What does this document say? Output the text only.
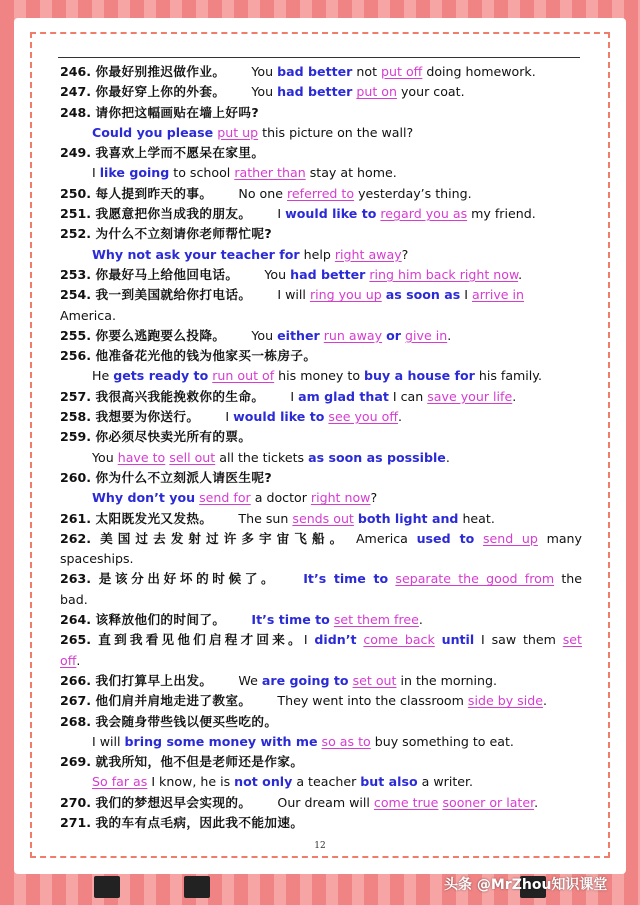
246. 你最好别推迟做作业。 You bad better not put off doing homework.
247. 你最好穿上你的外套。 You had better put on your coat.
248. 请你把这幅画贴在墙上好吗?
Could you please put up this picture on the wall?
249. 我喜欢上学而不愿呆在家里。
I like going to school rather than stay at home.
250. 每人提到昨天的事。 No one referred to yesterday’s thing.
251. 我愿意把你当成我的朋友。 I would like to regard you as my friend.
252. 为什么不立刻请你老师帮忙呢?
Why not ask your teacher for help right away?
253. 你最好马上给他回电话。 You had better ring him back right now.
254. 我一到美国就给你打电话。 I will ring you up as soon as I arrive in
America.
255. 你要么逃跑要么投降。 You either run away or give in.
256. 他准备花光他的钱为他家买一栋房子。
He gets ready to run out of his money to buy a house for his family.
257. 我很高兴我能挽救你的生命。 I am glad that I can save your life.
258. 我想要为你送行。 I would like to see you off.
259. 你必须尽快卖光所有的票。
You have to sell out all the tickets as soon as possible.
260. 你为什么不立刻派人请医生呢?
Why don’t you send for a doctor right now?
261. 太阳既发光又发热。 The sun sends out both light and heat.
262. 美国过去发射过许多宇宙飞船。 America used to send up many
spaceships.
263. 是该分出好坏的时候了。 It’s time to separate the good from the
bad.
264. 该释放他们的时间了。 It’s time to set them free.
265. 直到我看见他们启程才回来。I didn’t come back until I saw them set
off.
266. 我们打算早上出发。 We are going to set out in the morning.
267. 他们肩并肩地走进了教室。 They went into the classroom side by side.
268. 我会随身带些钱以便买些吃的。
I will bring some money with me so as to buy something to eat.
269. 就我所知，他不但是老师还是作家。
So far as I know, he is not only a teacher but also a writer.
270. 我们的梦想迟早会实现的。 Our dream will come true sooner or later.
271. 我的车有点毛病，因此我不能加速。
12
头条 @MrZhou知识课堂
